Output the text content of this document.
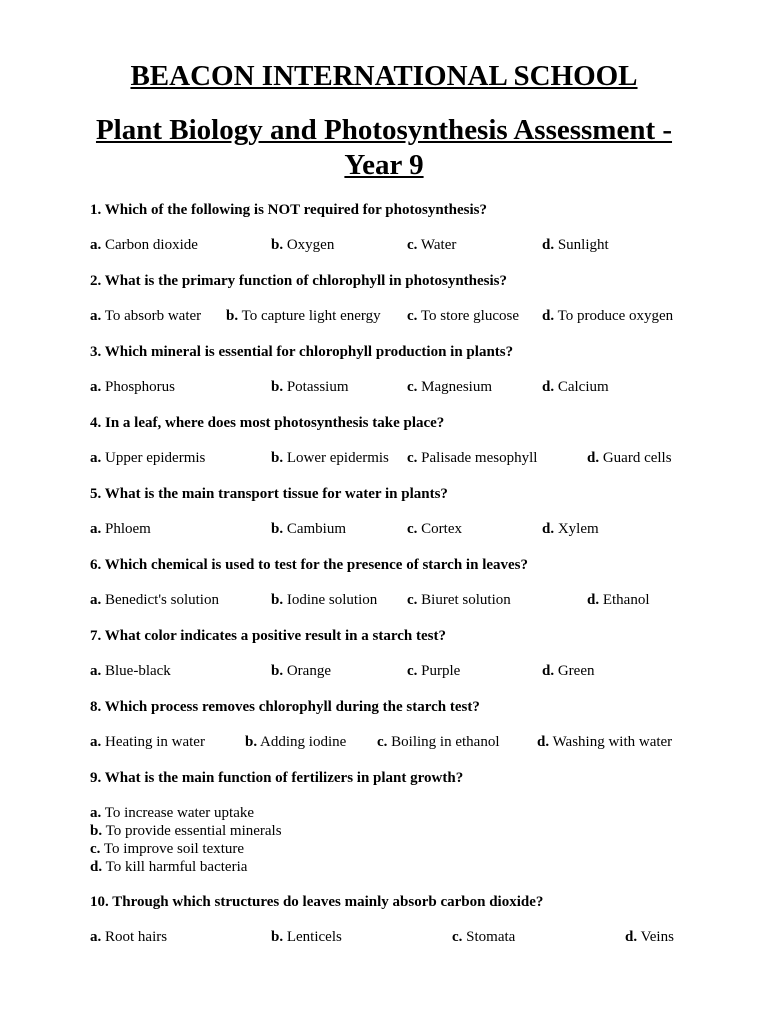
BEACON INTERNATIONAL SCHOOL
Plant Biology and Photosynthesis Assessment - Year 9
1. Which of the following is NOT required for photosynthesis?
a. Carbon dioxide	b. Oxygen	c. Water	d. Sunlight
2. What is the primary function of chlorophyll in photosynthesis?
a. To absorb water b. To capture light energy c. To store glucose d. To produce oxygen
3. Which mineral is essential for chlorophyll production in plants?
a. Phosphorus	b. Potassium	c. Magnesium	d. Calcium
4. In a leaf, where does most photosynthesis take place?
a. Upper epidermis	b. Lower epidermis c. Palisade mesophyll	d. Guard cells
5. What is the main transport tissue for water in plants?
a. Phloem	b. Cambium	c. Cortex	d. Xylem
6. Which chemical is used to test for the presence of starch in leaves?
a. Benedict's solution	b. Iodine solution c. Biuret solution	d. Ethanol
7. What color indicates a positive result in a starch test?
a. Blue-black	b. Orange	c. Purple	d. Green
8. Which process removes chlorophyll during the starch test?
a. Heating in water	b. Adding iodine c. Boiling in ethanol	d. Washing with water
9. What is the main function of fertilizers in plant growth?
a. To increase water uptake
b. To provide essential minerals
c. To improve soil texture
d. To kill harmful bacteria
10. Through which structures do leaves mainly absorb carbon dioxide?
a. Root hairs	b. Lenticels	c. Stomata	d. Veins
